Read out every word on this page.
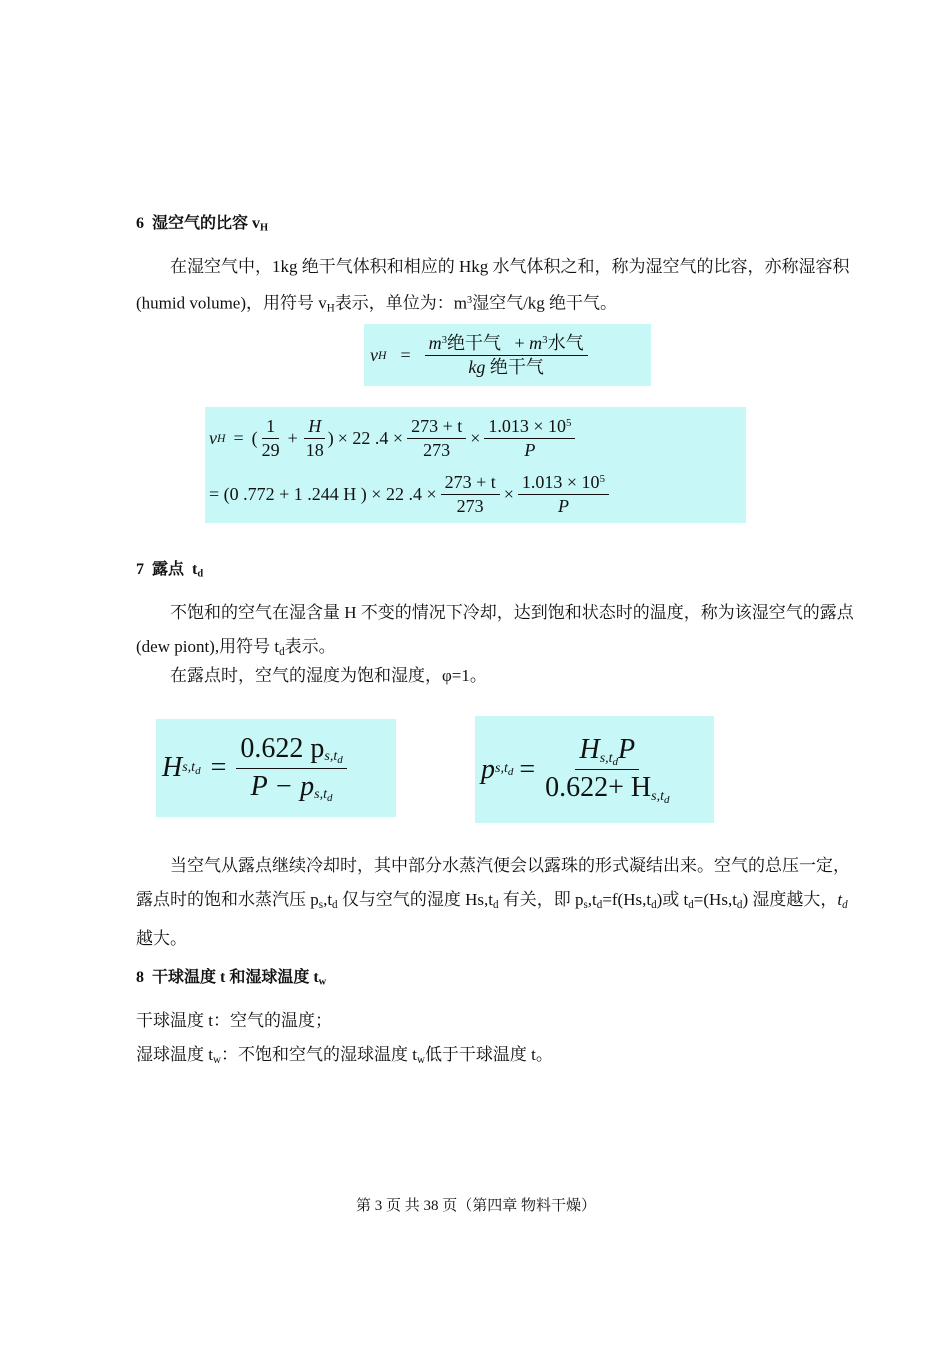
6 湿空气的比容 $v_H$
在湿空气中，1kg 绝干气体积和相应的 Hkg 水气体积之和，称为湿空气的比容，亦称湿容积(humid volume)，用符号 $v_H$表示，单位为：$m^3$湿空气/kg 绝干气。
v $H = \frac{m^3绝干气 + m^3水气}{\text{kg 绝干气}}$
v H = ( $\frac{1}{29} + \frac{H}{18}$ ) × 22 $.4 \times \frac{273 + t}{273} \times \frac{1.013 \times 10^5}{P}$
= (0 .772 + 1 .244 H ) × 22 $.4 \times \frac{273 + t}{273} \times \frac{1.013 \times 10^5}{P}$
7 露点 $t_d$
不饱和的空气在湿含量 H 不变的情况下冷却，达到饱和状态时的温度，称为该湿空气的露点(dew piont),用符号 $t_d$表示。
在露点时，空气的湿度为饱和湿度，φ=1。
H $s,t_d = \frac{0.622 p_{s,t_d}}{P - p_{s,t_d}}$	p $s,t_d = \frac{H_{s,t_d}P}{0.622+ H_{s,t_d}}$
当空气从露点继续冷却时，其中部分水蒸汽便会以露珠的形式凝结出来。空气的总压一定，露点时的饱和水蒸汽压 $p_s,t_d$ 仅与空气的湿度 $Hs,t_d$ 有关，即 $p_s,t_d=f(Hs,t_d)$或 $t_d=(Hs,t_d)$ 湿度越大，$t_d$ 越大。
8 干球温度 t 和湿球温度 $t_w$
干球温度 t：空气的温度；
湿球温度 $t_w$：不饱和空气的湿球温度 $t_w$低于干球温度 t。
第 3 页 共 38 页（第四章 物料干燥）
